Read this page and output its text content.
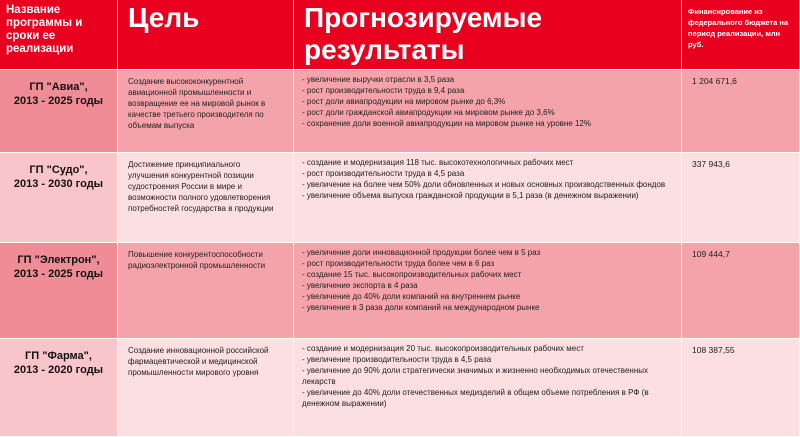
Название программы и сроки ее реализации
Цель	Прогнозируемые результаты
Финансирование из федерального бюджета на период реализации, млн руб.
ГП "Авиа",
2013 - 2025 годы
Создание высококонкурентной авиационной промышленности и возвращение ее на мировой рынок в качестве третьего производителя по объемам выпуска
- увеличение выручки отрасли в 3,5 раза
- рост производительности труда в 9,4 раза
- рост доли авиапродукции на мировом рынке до 6,3%
- рост доли гражданской авиапродукции на мировом рынке до 3,6%
- сохранение доли военной авиапродукции на мировом рынке на уровне 12%
1 204 671,6
ГП "Судо",
2013 - 2030 годы
Достижение принципиального улучшения конкурентной позиции судостроения России в мире и возможности полного удовлетворения потребностей государства в продукции
- создание и модернизация 118 тыс. высокотехнологичных рабочих мест
- рост производительности труда в 4,5 раза
- увеличение на более чем 50% доли обновленных и новых основных производственных фондов
- увеличение объема выпуска гражданской продукции в 5,1 раза (в денежном выражении)
337 943,6
ГП "Электрон",
2013 - 2025 годы
Повышение конкурентоспособности радиоэлектронной промышленности
- увеличение доли инновационной продукции более чем в 5 раз
- рост производительности труда более чем в 6 раз
- создание 15 тыс. высокопроизводительных рабочих мест
- увеличение экспорта в 4 раза
- увеличение до 40% доли компаний на внутреннем рынке
- увеличение в 3 раза доли компаний на международном рынке
109 444,7
ГП "Фарма",
2013 - 2020 годы
Создание инновационной российской фармацевтической и медицинской промышленности мирового уровня
- создание и модернизация 20 тыс. высокопроизводительных рабочих мест
- увеличение производительности труда в 4,5 раза
- увеличение до 90% доли стратегически значимых и жизненно необходимых отечественных лекарств
- увеличение до 40% доли отечественных медизделий в общем объеме потребления в РФ (в денежном выражении)
108 387,55
